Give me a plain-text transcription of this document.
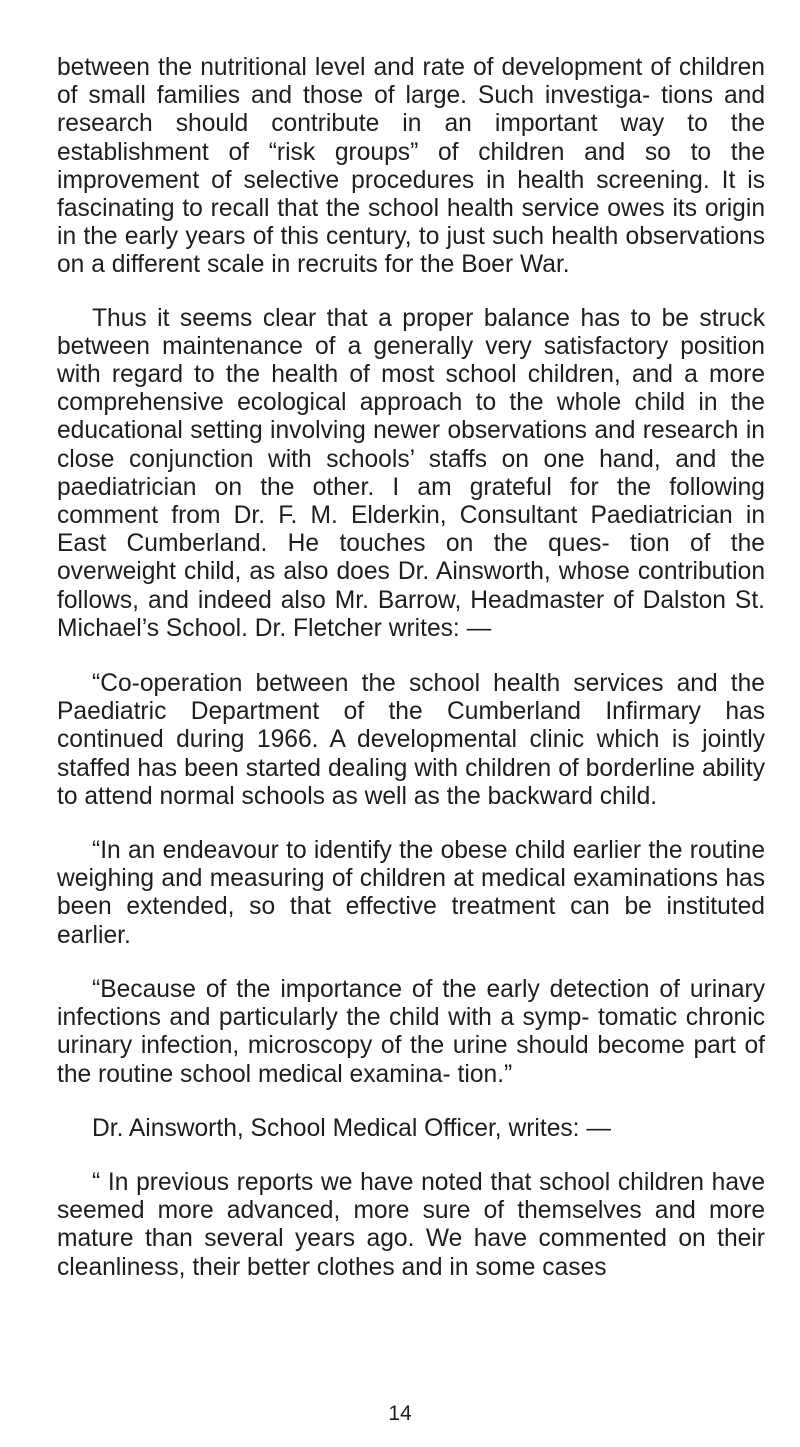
between the nutritional level and rate of development of children of small families and those of large. Such investiga- tions and research should contribute in an important way to the establishment of “risk groups” of children and so to the improvement of selective procedures in health screening. It is fascinating to recall that the school health service owes its origin in the early years of this century, to just such health observations on a different scale in recruits for the Boer War.

Thus it seems clear that a proper balance has to be struck between maintenance of a generally very satisfactory position with regard to the health of most school children, and a more comprehensive ecological approach to the whole child in the educational setting involving newer observations and research in close conjunction with schools’ staffs on one hand, and the paediatrician on the other. I am grateful for the following comment from Dr. F. M. Elderkin, Consultant Paediatrician in East Cumberland. He touches on the ques- tion of the overweight child, as also does Dr. Ainsworth, whose contribution follows, and indeed also Mr. Barrow, Headmaster of Dalston St. Michael’s School. Dr. Fletcher writes: —

“Co-operation between the school health services and the Paediatric Department of the Cumberland Infirmary has continued during 1966. A developmental clinic which is jointly staffed has been started dealing with children of borderline ability to attend normal schools as well as the backward child.

“In an endeavour to identify the obese child earlier the routine weighing and measuring of children at medical examinations has been extended, so that effective treatment can be instituted earlier.

“Because of the importance of the early detection of urinary infections and particularly the child with a symp- tomatic chronic urinary infection, microscopy of the urine should become part of the routine school medical examina- tion.”

Dr. Ainsworth, School Medical Officer, writes: —

“ In previous reports we have noted that school children have seemed more advanced, more sure of themselves and more mature than several years ago. We have commented on their cleanliness, their better clothes and in some cases

14
